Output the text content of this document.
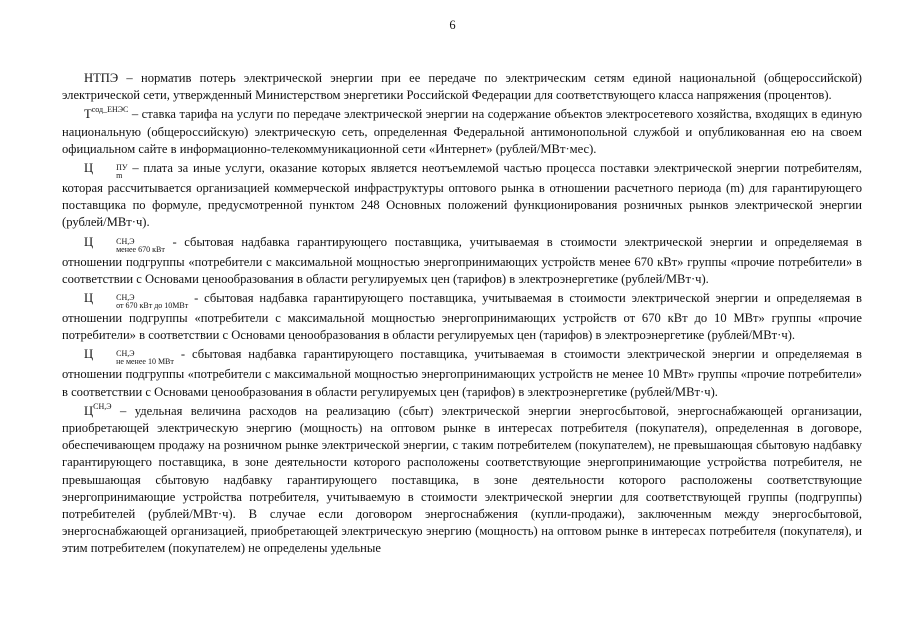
6

НТПЭ – норматив потерь электрической энергии при ее передаче по электрическим сетям единой национальной (общероссийской) электрической сети, утвержденный Министерством энергетики Российской Федерации для соответствующего класса напряжения (процентов).

$Т^{сод\_ЕНЭС}$ – ставка тарифа на услуги по передаче электрической энергии на содержание объектов электросетевого хозяйства, входящих в единую национальную (общероссийскую) электрическую сеть, определенная Федеральной антимонопольной службой и опубликованная ею на своем официальном сайте в информационно-телекоммуникационной сети «Интернет» (рублей/МВт·мес).

Ц	ПУ
m
– плата за иные услуги, оказание которых является неотъемлемой частью процесса поставки электрической энергии потребителям, которая рассчитывается организацией коммерческой инфраструктуры оптового рынка в отношении расчетного периода (m) для гарантирующего поставщика по формуле, предусмотренной пунктом 248 Основных положений функционирования розничных рынков электрической энергии (рублей/МВт·ч).

Ц	СН,Э
менее 670 кВт
- сбытовая надбавка гарантирующего поставщика, учитываемая в стоимости электрической энергии и определяемая в отношении подгруппы «потребители с максимальной мощностью энергопринимающих устройств менее 670 кВт» группы «прочие потребители» в соответствии с Основами ценообразования в области регулируемых цен (тарифов) в электроэнергетике (рублей/МВт·ч).

Ц	СН,Э
от 670 кВт до 10МВт
- сбытовая надбавка гарантирующего поставщика, учитываемая в стоимости электрической энергии и определяемая в отношении подгруппы «потребители с максимальной мощностью энергопринимающих устройств от 670 кВт до 10 МВт» группы «прочие потребители» в соответствии с Основами ценообразования в области регулируемых цен (тарифов) в электроэнергетике (рублей/МВт·ч).

Ц	СН,Э
не менее 10 МВт
- сбытовая надбавка гарантирующего поставщика, учитываемая в стоимости электрической энергии и определяемая в отношении подгруппы «потребители с максимальной мощностью энергопринимающих устройств не менее 10 МВт» группы «прочие потребители» в соответствии с Основами ценообразования в области регулируемых цен (тарифов) в электроэнергетике (рублей/МВт·ч).

$Ц^{СН,Э}$ – удельная величина расходов на реализацию (сбыт) электрической энергии энергосбытовой, энергоснабжающей организации, приобретающей электрическую энергию (мощность) на оптовом рынке в интересах потребителя (покупателя), определенная в договоре, обеспечивающем продажу на розничном рынке электрической энергии, с таким потребителем (покупателем), не превышающая сбытовую надбавку гарантирующего поставщика, в зоне деятельности которого расположены соответствующие энергопринимающие устройства потребителя, не превышающая сбытовую надбавку гарантирующего поставщика, в зоне деятельности которого расположены соответствующие энергопринимающие устройства потребителя, учитываемую в стоимости электрической энергии для соответствующей группы (подгруппы) потребителей (рублей/МВт·ч). В случае если договором энергоснабжения (купли-продажи), заключенным между энергосбытовой, энергоснабжающей организацией, приобретающей электрическую энергию (мощность) на оптовом рынке в интересах потребителя (покупателя), и этим потребителем (покупателем) не определены удельные
